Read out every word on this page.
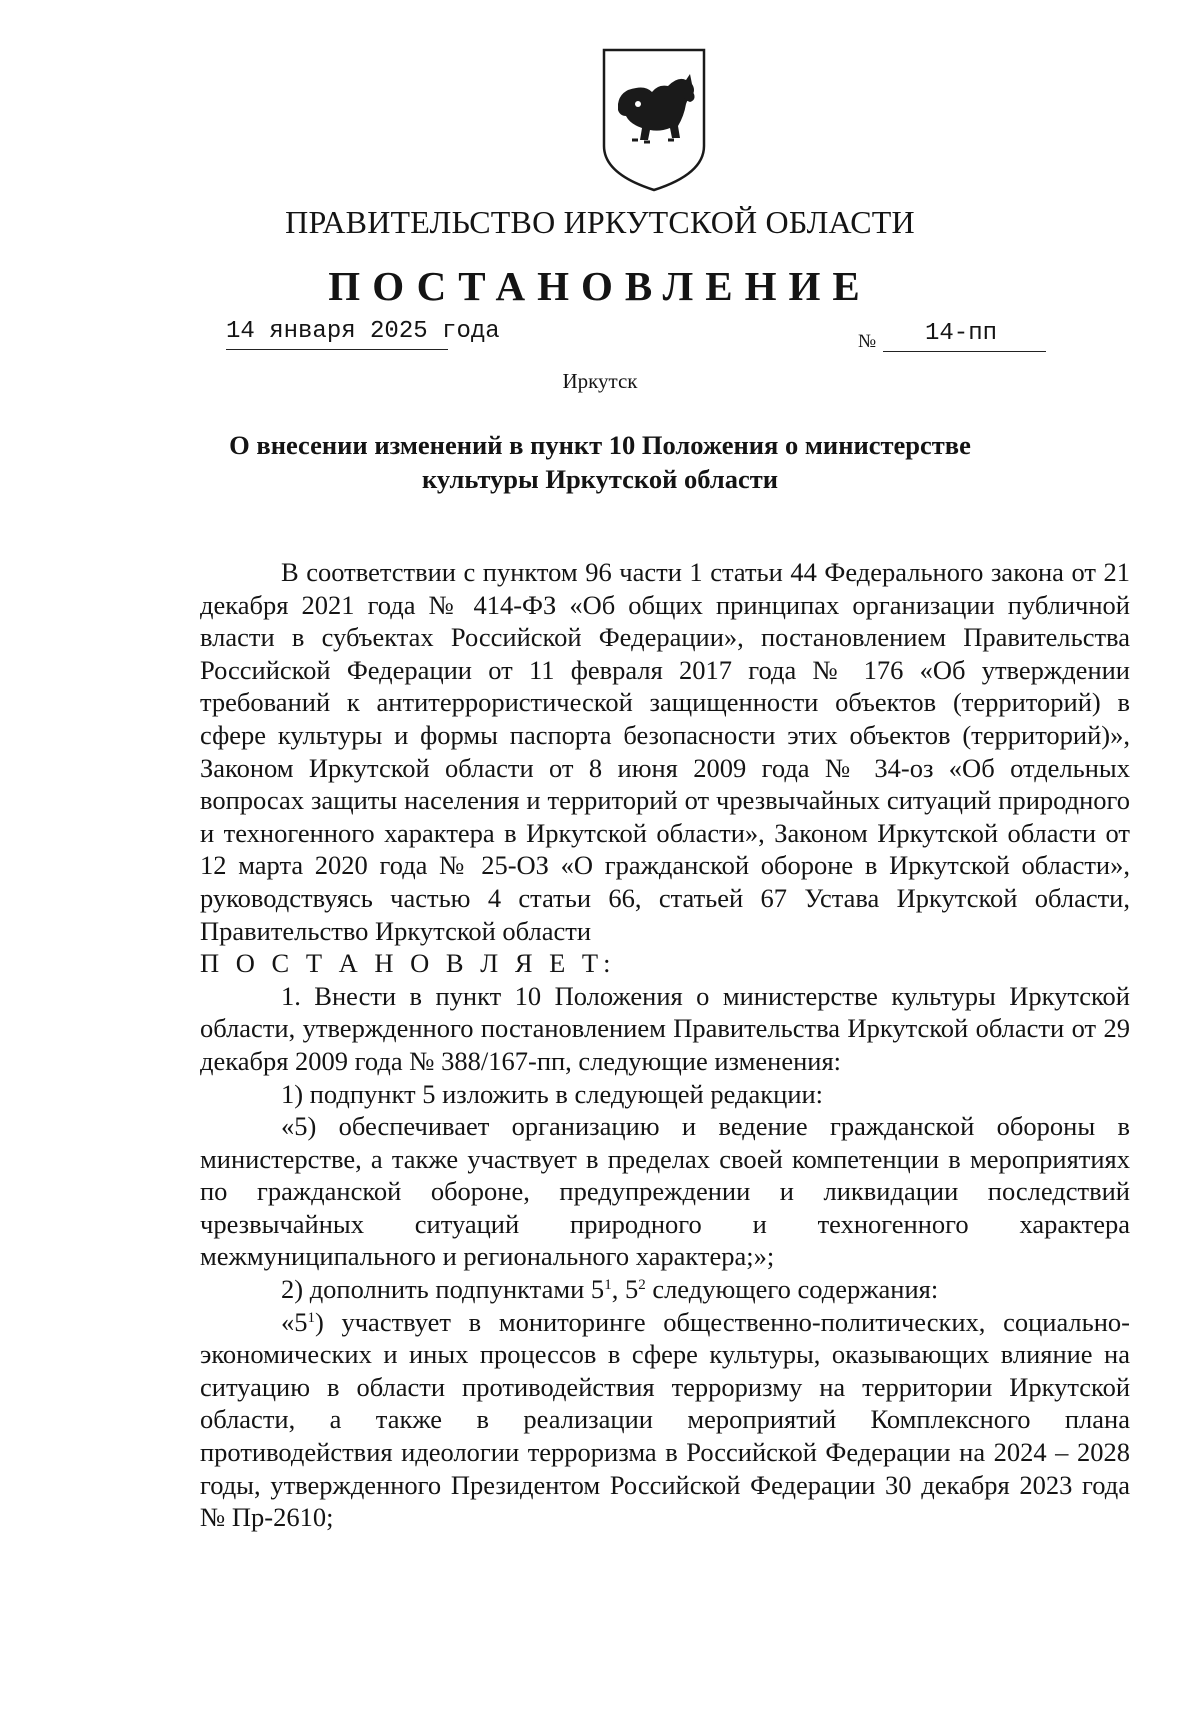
ПРАВИТЕЛЬСТВО ИРКУТСКОЙ ОБЛАСТИ
ПОСТАНОВЛЕНИЕ
14 января 2025 года	№	14-пп
Иркутск
О внесении изменений в пункт 10 Положения о министерстве
культуры Иркутской области

В соответствии с пунктом 96 части 1 статьи 44 Федерального закона от 21 декабря 2021 года № 414-ФЗ «Об общих принципах организации публичной власти в субъектах Российской Федерации», постановлением Правительства Российской Федерации от 11 февраля 2017 года № 176 «Об утверждении требований к антитеррористической защищенности объектов (территорий) в сфере культуры и формы паспорта безопасности этих объектов (территорий)», Законом Иркутской области от 8 июня 2009 года № 34-оз «Об отдельных вопросах защиты населения и территорий от чрезвычайных ситуаций природного и техногенного характера в Иркутской области», Законом Иркутской области от 12 марта 2020 года № 25-ОЗ «О гражданской обороне в Иркутской области», руководствуясь частью 4 статьи 66, статьей 67 Устава Иркутской области, Правительство Иркутской области

П О С Т А Н О В Л Я Е Т:

1. Внести в пункт 10 Положения о министерстве культуры Иркутской области, утвержденного постановлением Правительства Иркутской области от 29 декабря 2009 года № 388/167-пп, следующие изменения:

1) подпункт 5 изложить в следующей редакции:

«5) обеспечивает организацию и ведение гражданской обороны в министерстве, а также участвует в пределах своей компетенции в мероприятиях по гражданской обороне, предупреждении и ликвидации последствий чрезвычайных ситуаций природного и техногенного характера межмуниципального и регионального характера;»;

2) дополнить подпунктами $5^1$, $5^2$ следующего содержания:

«$5^1$) участвует в мониторинге общественно-политических, социально-экономических и иных процессов в сфере культуры, оказывающих влияние на ситуацию в области противодействия терроризму на территории Иркутской области, а также в реализации мероприятий Комплексного плана противодействия идеологии терроризма в Российской Федерации на 2024 – 2028 годы, утвержденного Президентом Российской Федерации 30 декабря 2023 года № Пр-2610;
